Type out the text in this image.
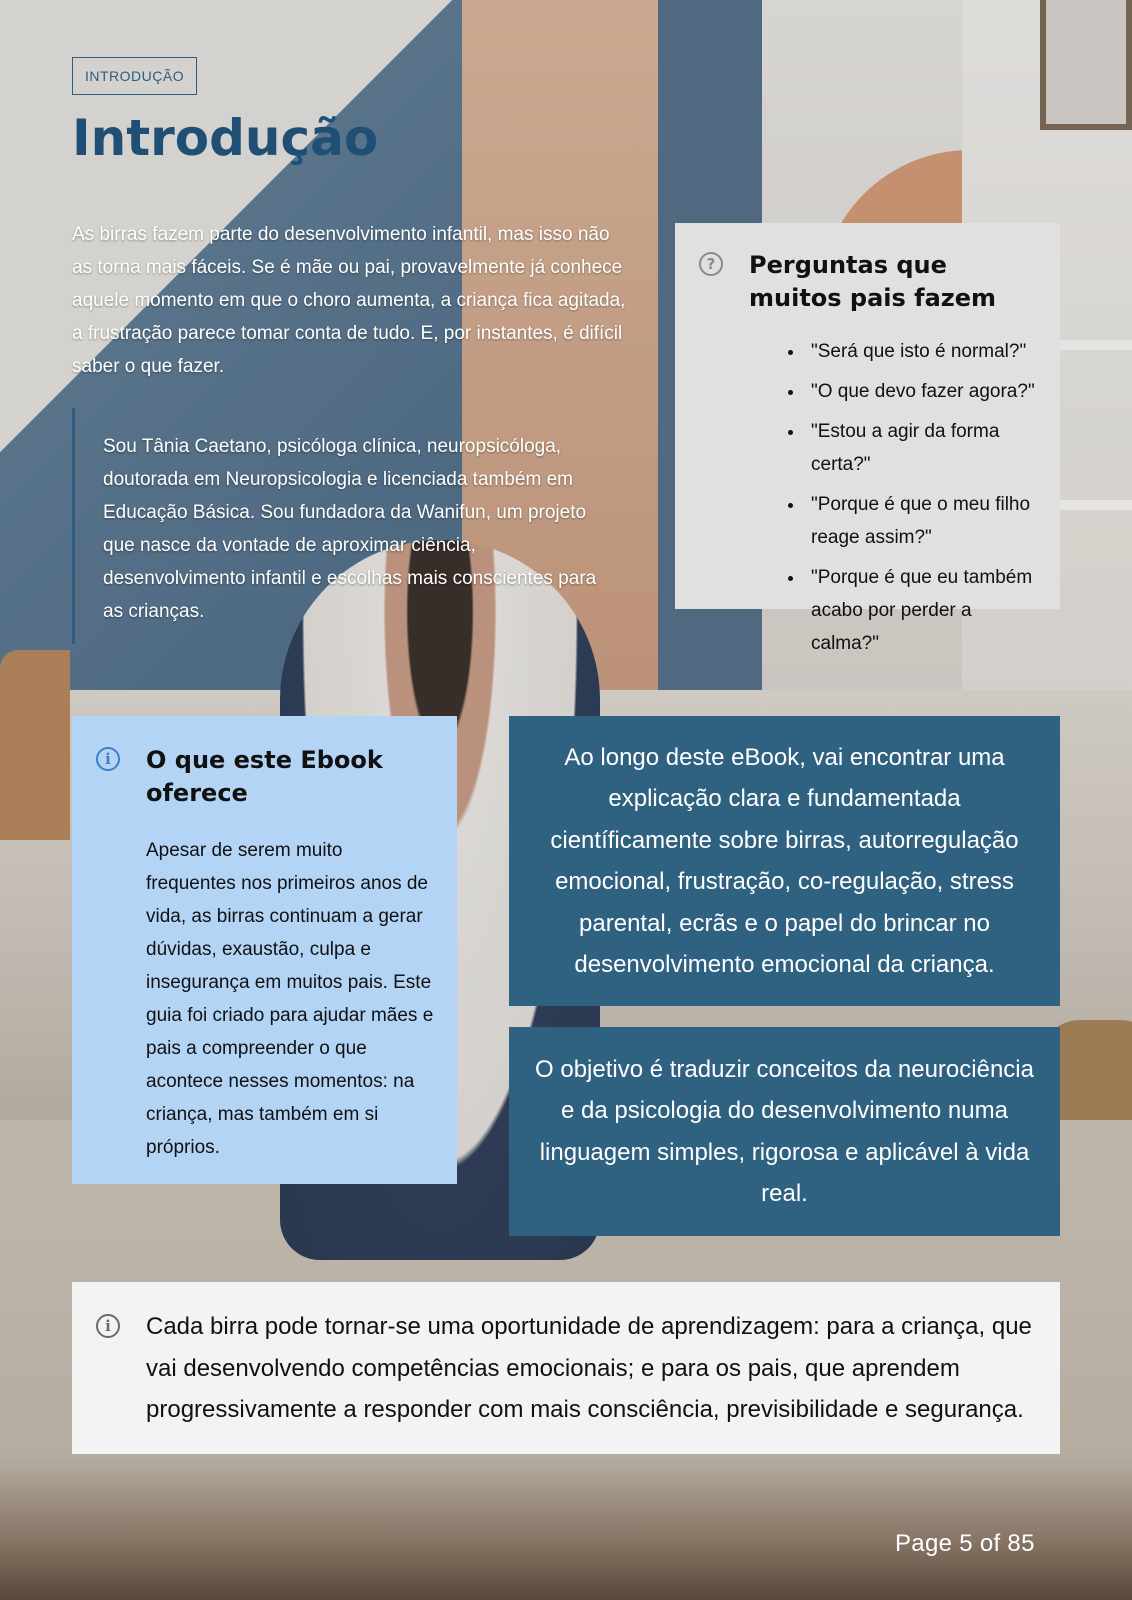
INTRODUÇÃO
Introdução

As birras fazem parte do desenvolvimento infantil, mas isso não as torna mais fáceis. Se é mãe ou pai, provavelmente já conhece aquele momento em que o choro aumenta, a criança fica agitada, a frustração parece tomar conta de tudo. E, por instantes, é difícil saber o que fazer.

Sou Tânia Caetano, psicóloga clínica, neuropsicóloga, doutorada em Neuropsicologia e licenciada também em Educação Básica. Sou fundadora da Wanifun, um projeto que nasce da vontade de aproximar ciência, desenvolvimento infantil e escolhas mais conscientes para as crianças.

?	Perguntas que muitos pais fazem
• "Será que isto é normal?"
• "O que devo fazer agora?"
• "Estou a agir da forma certa?"
• "Porque é que o meu filho reage assim?"
• "Porque é que eu também acabo por perder a calma?"
i	O que este Ebook oferece

Apesar de serem muito frequentes nos primeiros anos de vida, as birras continuam a gerar dúvidas, exaustão, culpa e insegurança em muitos pais. Este guia foi criado para ajudar mães e pais a compreender o que acontece nesses momentos: na criança, mas também em si próprios.

Ao longo deste eBook, vai encontrar uma explicação clara e fundamentada científicamente sobre birras, autorregulação emocional, frustração, co-regulação, stress parental, ecrãs e o papel do brincar no desenvolvimento emocional da criança.

O objetivo é traduzir conceitos da neurociência e da psicologia do desenvolvimento numa linguagem simples, rigorosa e aplicável à vida real.

i	Cada birra pode tornar-se uma oportunidade de aprendizagem: para a criança, que vai desenvolvendo competências emocionais; e para os pais, que aprendem progressivamente a responder com mais consciência, previsibilidade e segurança.

Page 5 of 85
